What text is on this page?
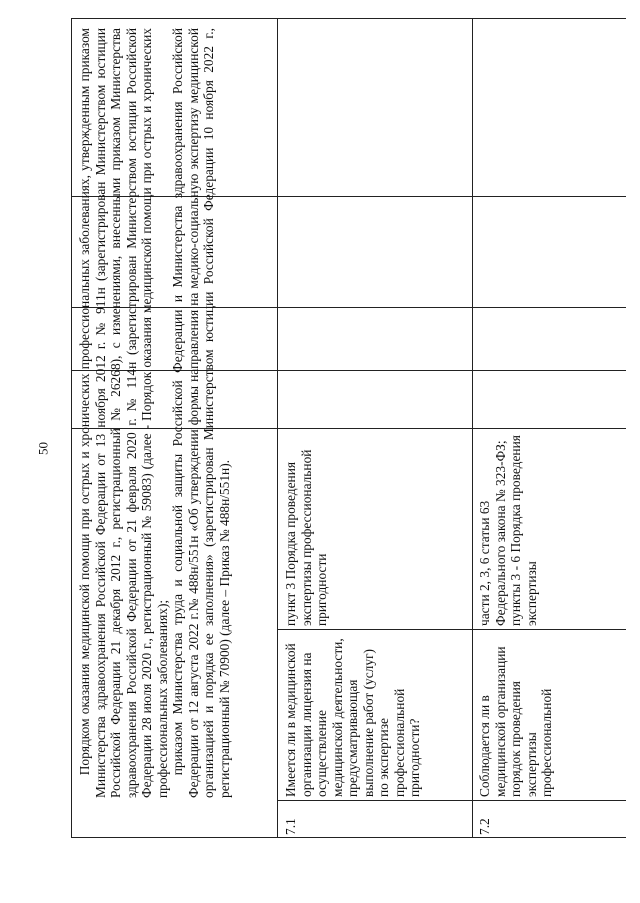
50 Порядком оказания медицинской помощи при острых и хронических профессиональных заболеваниях, утвержденным приказом Министерства здравоохранения Российской Федерации от 13 ноября 2012 г. № 911н (зарегистрирован Министерством юстиции Российской Федерации 21 декабря 2012 г., регистрационный № 26268), с изменениями, внесенными приказом Министерства здравоохранения Российской Федерации от 21 февраля 2020 г. № 114н (зарегистрирован Министерством юстиции Российской Федерации 28 июля 2020 г., регистрационный № 59083) (далее - Порядок оказания медицинской помощи при острых и хронических профессиональных заболеваниях); приказом Министерства труда и социальной защиты Российской Федерации и Министерства здравоохранения Российской Федерации от 12 августа 2022 г.№ 488н/551н «Об утверждении формы направления на медико-социальную экспертизу медицинской организацией и порядка ее заполнения» (зарегистрирован Министерством юстиции Российской Федерации 10 ноября 2022 г., регистрационный № 70900) (далее – Приказ № 488н/551н).

7.1
Имеется ли в медицинской организации лицензия на осуществление медицинской деятельности, предусматривающая выполнение работ (услуг) по экспертизе профессиональной пригодности?
пункт 3 Порядка проведения экспертизы профессиональной пригодности
7.2
Соблюдается ли в медицинской организации порядок проведения экспертизы профессиональной
части 2, 3, 6 статьи 63 Федерального закона № 323-ФЗ; пункты 3 - 6 Порядка проведения экспертизы
